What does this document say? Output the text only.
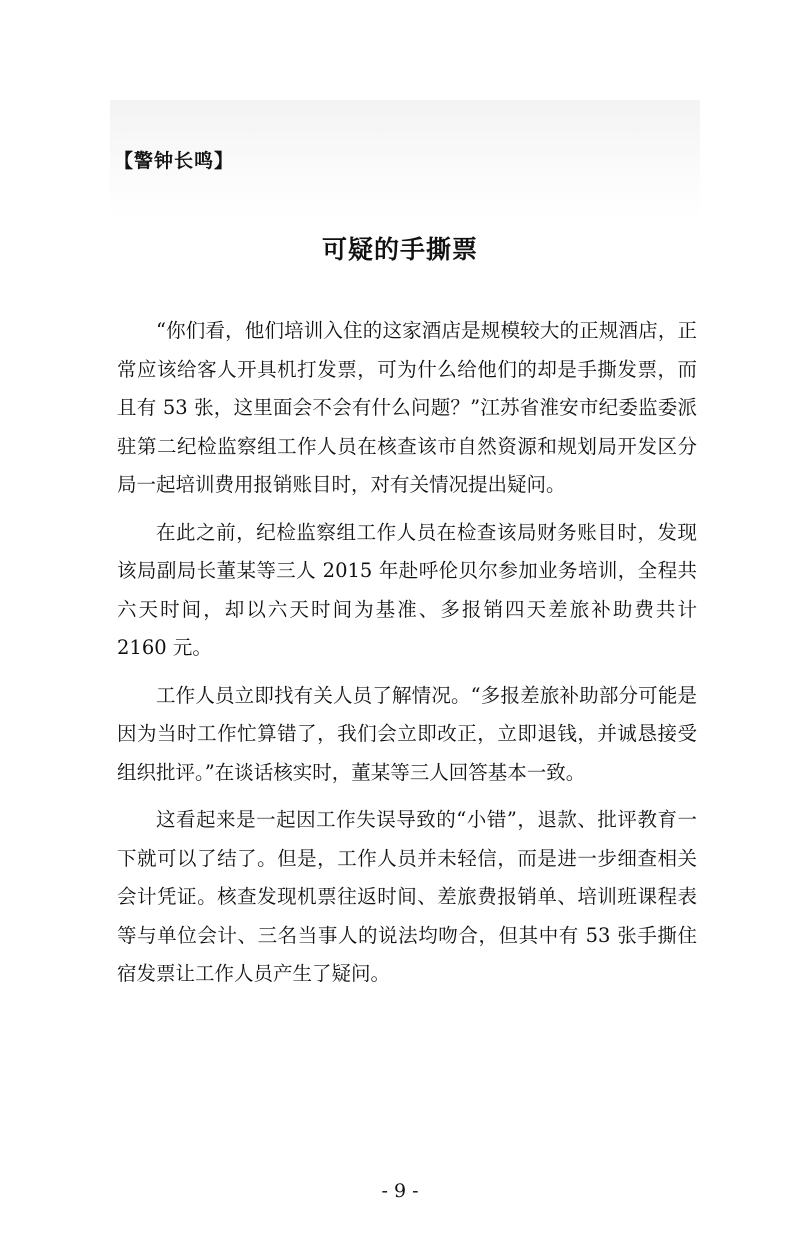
【警钟长鸣】
可疑的手撕票

“你们看，他们培训入住的这家酒店是规模较大的正规酒店，正常应该给客人开具机打发票，可为什么给他们的却是手撕发票，而且有 53 张，这里面会不会有什么问题？”江苏省淮安市纪委监委派驻第二纪检监察组工作人员在核查该市自然资源和规划局开发区分局一起培训费用报销账目时，对有关情况提出疑问。

在此之前，纪检监察组工作人员在检查该局财务账目时，发现该局副局长董某等三人 2015 年赴呼伦贝尔参加业务培训，全程共六天时间，却以六天时间为基准、多报销四天差旅补助费共计 2160 元。

工作人员立即找有关人员了解情况。“多报差旅补助部分可能是因为当时工作忙算错了，我们会立即改正，立即退钱，并诚恳接受组织批评。”在谈话核实时，董某等三人回答基本一致。

这看起来是一起因工作失误导致的“小错”，退款、批评教育一下就可以了结了。但是，工作人员并未轻信，而是进一步细查相关会计凭证。核查发现机票往返时间、差旅费报销单、培训班课程表等与单位会计、三名当事人的说法均吻合，但其中有 53 张手撕住宿发票让工作人员产生了疑问。

- 9 -
